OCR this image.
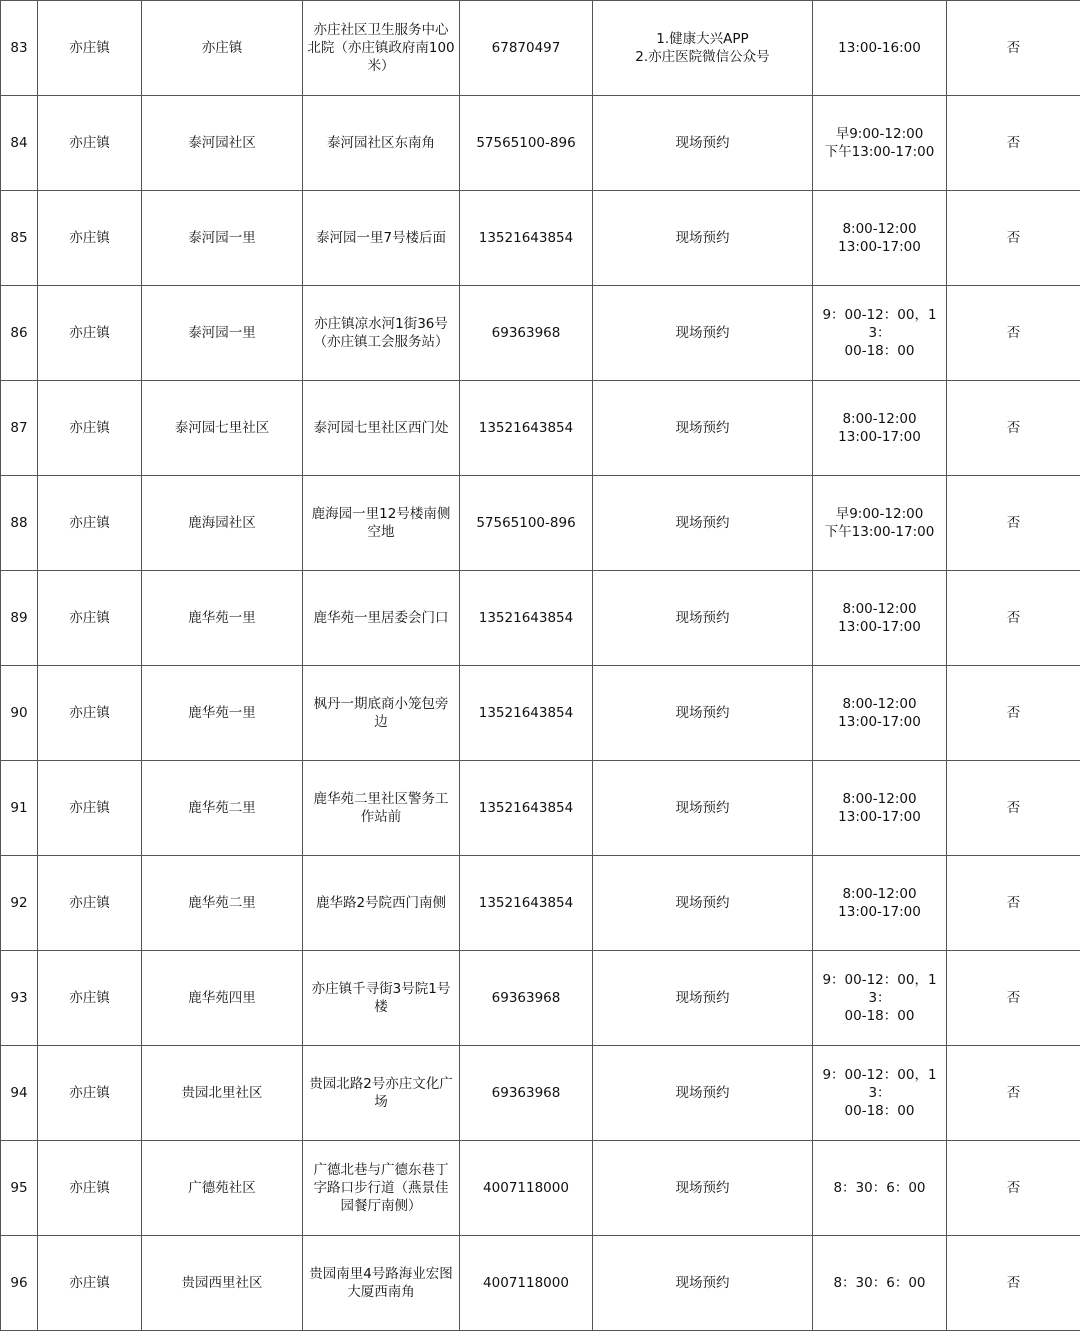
83	亦庄镇	亦庄镇	亦庄社区卫生服务中心
北院（亦庄镇政府南100
米）	67870497	1.健康大兴APP
2.亦庄医院微信公众号	13:00-16:00	否
84	亦庄镇	泰河园社区	泰河园社区东南角	57565100-896	现场预约	早9:00-12:00
下午13:00-17:00	否
85	亦庄镇	泰河园一里	泰河园一里7号楼后面	13521643854	现场预约	8:00-12:00
13:00-17:00	否
86	亦庄镇	泰河园一里	亦庄镇凉水河1街36号
（亦庄镇工会服务站）	69363968	现场预约	9：00-12：00，13：
00-18：00	否
87	亦庄镇	泰河园七里社区	泰河园七里社区西门处	13521643854	现场预约	8:00-12:00
13:00-17:00	否
88	亦庄镇	鹿海园社区	鹿海园一里12号楼南侧
空地	57565100-896	现场预约	早9:00-12:00
下午13:00-17:00	否
89	亦庄镇	鹿华苑一里	鹿华苑一里居委会门口	13521643854	现场预约	8:00-12:00
13:00-17:00	否
90	亦庄镇	鹿华苑一里	枫丹一期底商小笼包旁
边	13521643854	现场预约	8:00-12:00
13:00-17:00	否
91	亦庄镇	鹿华苑二里	鹿华苑二里社区警务工
作站前	13521643854	现场预约	8:00-12:00
13:00-17:00	否
92	亦庄镇	鹿华苑二里	鹿华路2号院西门南侧	13521643854	现场预约	8:00-12:00
13:00-17:00	否
93	亦庄镇	鹿华苑四里	亦庄镇千寻街3号院1号
楼	69363968	现场预约	9：00-12：00，13：
00-18：00	否
94	亦庄镇	贵园北里社区	贵园北路2号亦庄文化广
场	69363968	现场预约	9：00-12：00，13：
00-18：00	否
95	亦庄镇	广德苑社区	广德北巷与广德东巷丁
字路口步行道（燕景佳
园餐厅南侧）	4007118000	现场预约	8：30：6：00	否
96	亦庄镇	贵园西里社区	贵园南里4号路海业宏图
大厦西南角	4007118000	现场预约	8：30：6：00	否
